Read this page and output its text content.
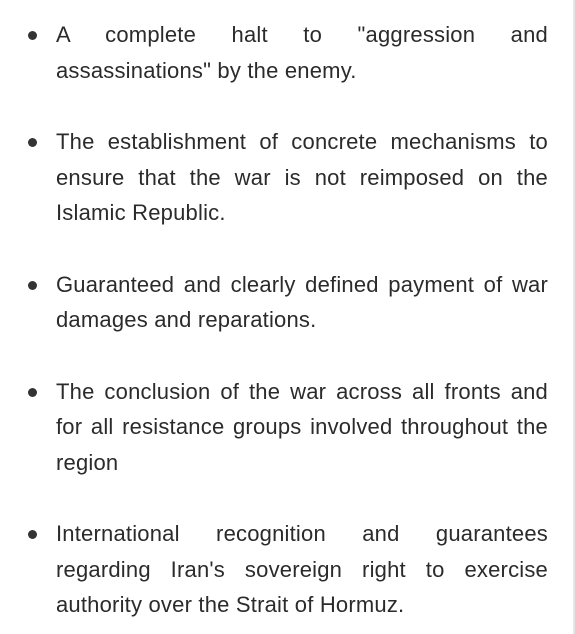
A complete halt to "aggression and assassinations" by the enemy.
The establishment of concrete mechanisms to ensure that the war is not reimposed on the Islamic Republic.
Guaranteed and clearly defined payment of war damages and reparations.
The conclusion of the war across all fronts and for all resistance groups involved throughout the region
International recognition and guarantees regarding Iran's sovereign right to exercise authority over the Strait of Hormuz.
